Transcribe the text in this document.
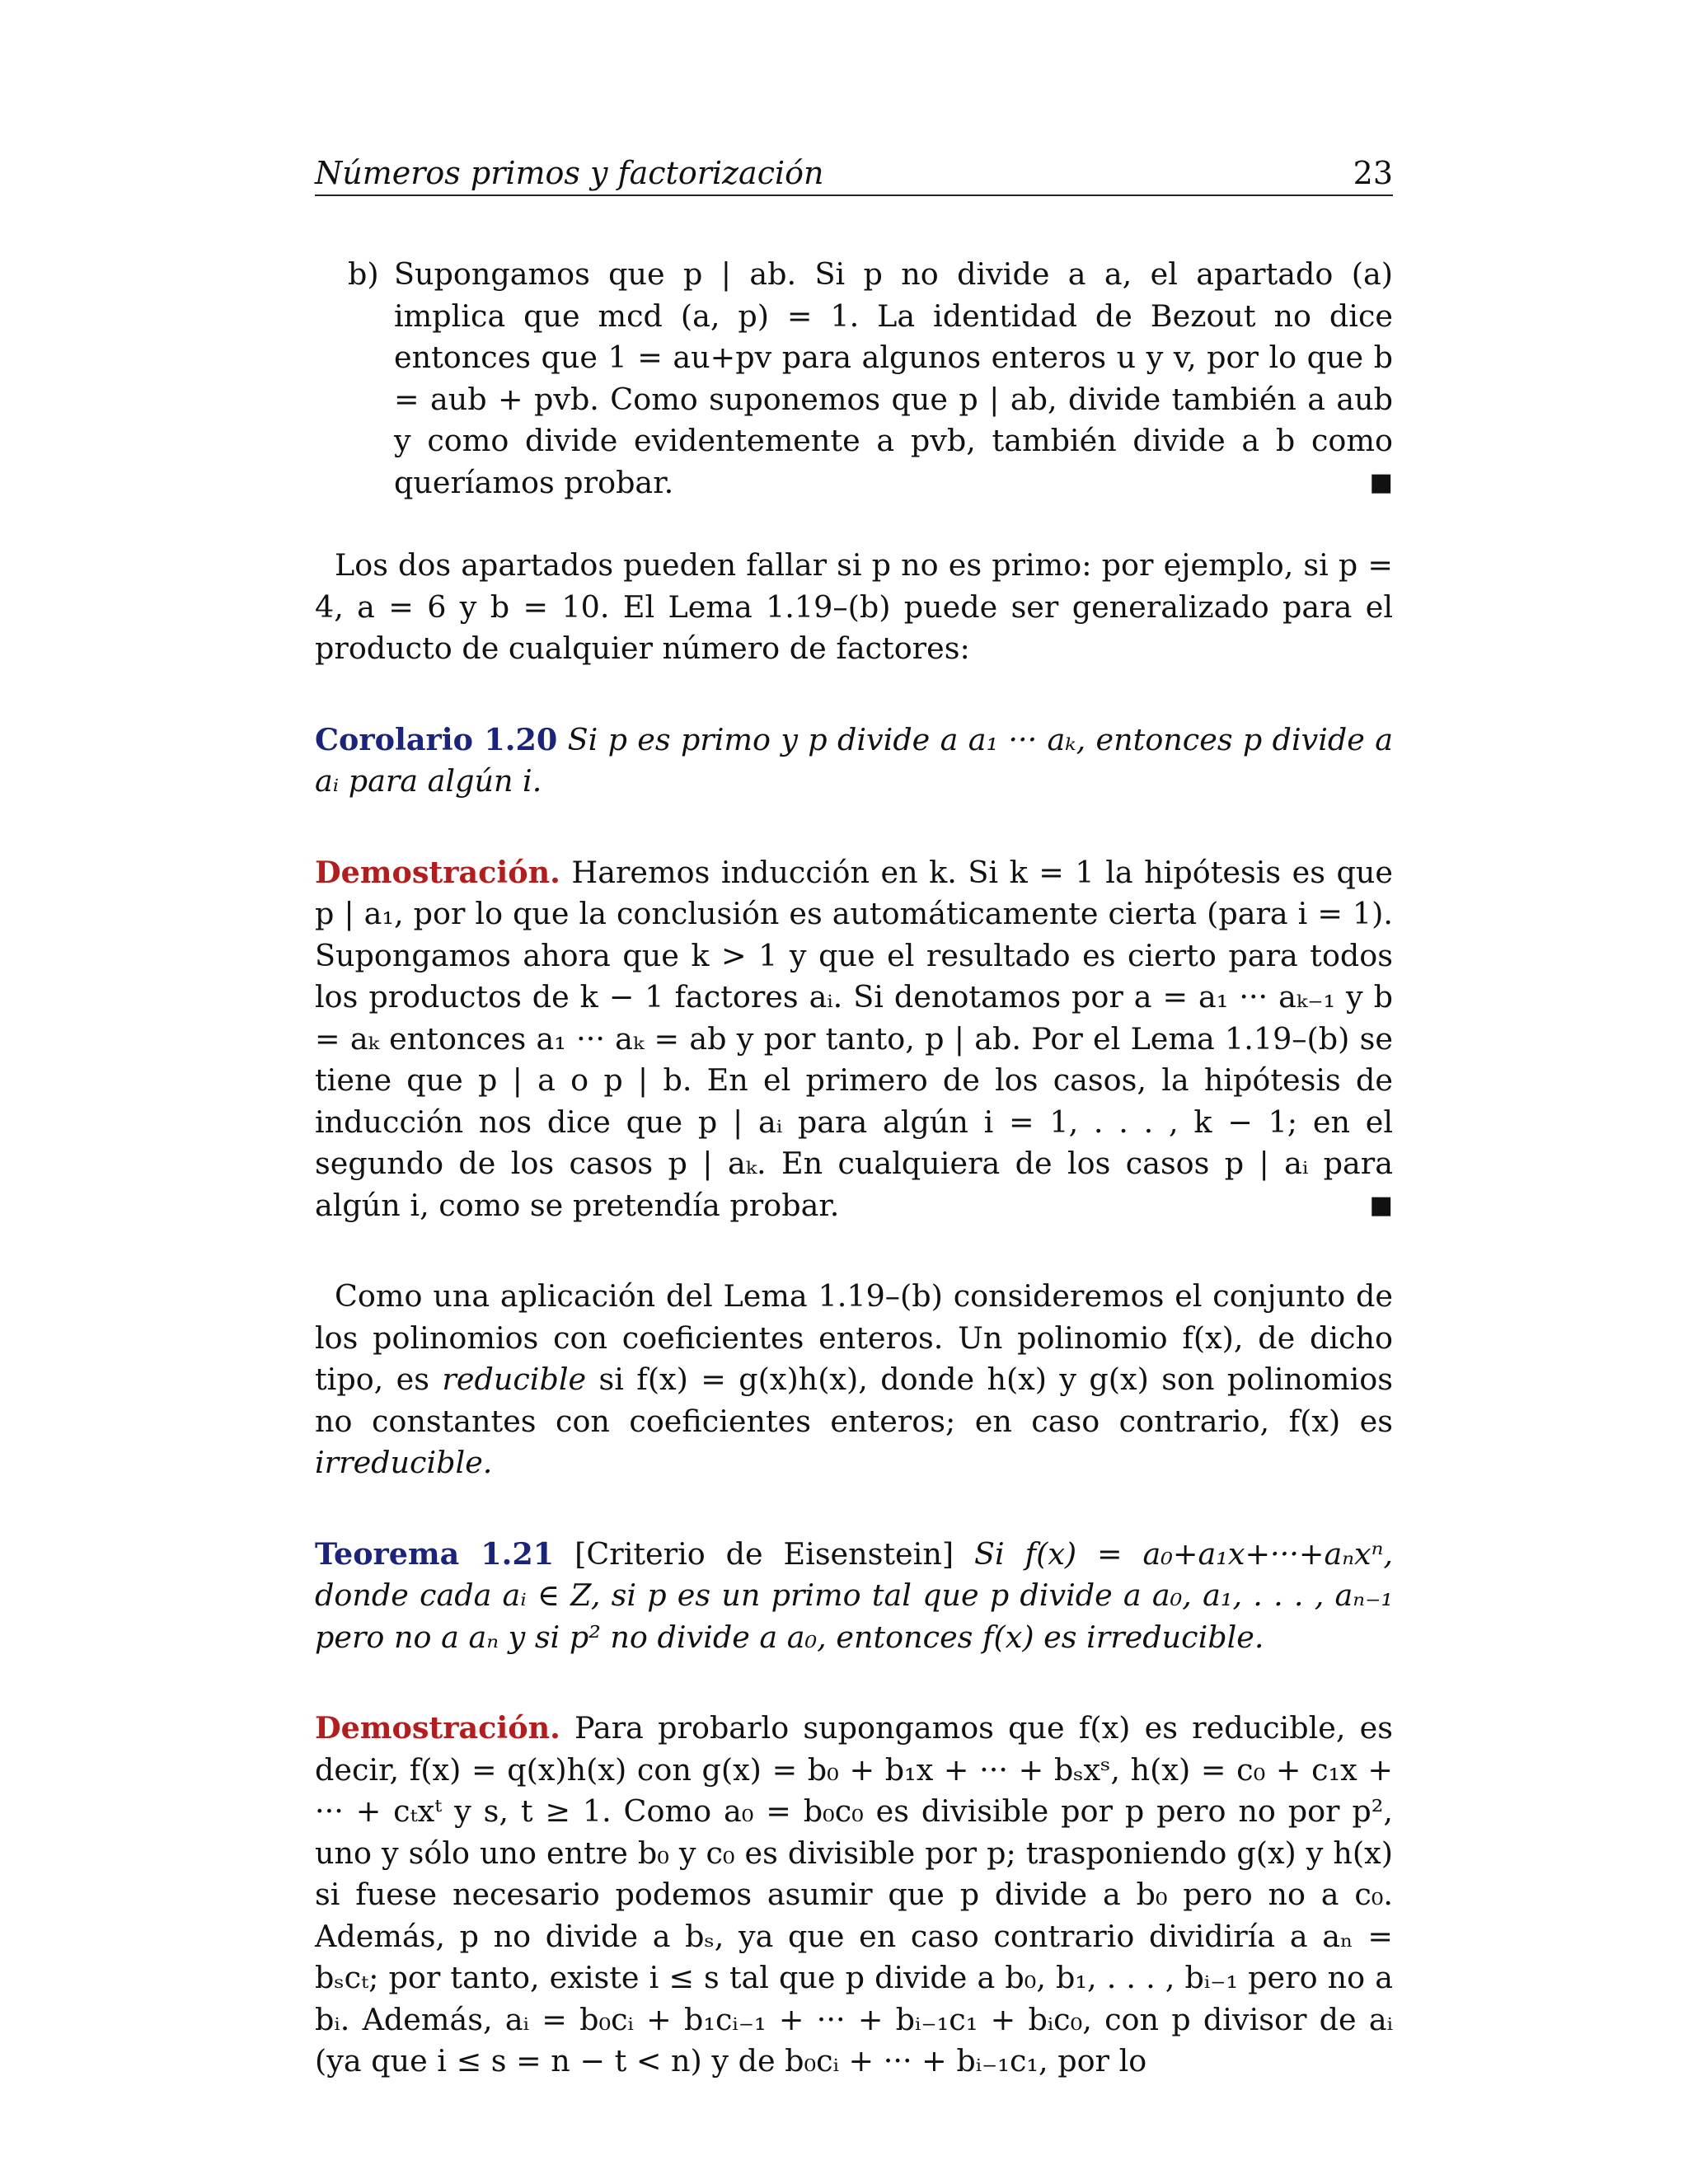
Números primos y factorización	23
b) Supongamos que p | ab. Si p no divide a a, el apartado (a) implica que mcd (a, p) = 1. La identidad de Bezout no dice entonces que 1 = au+pv para algunos enteros u y v, por lo que b = aub + pvb. Como suponemos que p | ab, divide también a aub y como divide evidentemente a pvb, también divide a b como queríamos probar.	■

Los dos apartados pueden fallar si p no es primo: por ejemplo, si p = 4, a = 6 y b = 10. El Lema 1.19–(b) puede ser generalizado para el producto de cualquier número de factores:

Corolario 1.20 Si p es primo y p divide a a₁ ··· aₖ, entonces p divide a aᵢ para algún i.

Demostración. Haremos inducción en k. Si k = 1 la hipótesis es que p | a₁, por lo que la conclusión es automáticamente cierta (para i = 1). Supongamos ahora que k > 1 y que el resultado es cierto para todos los productos de k − 1 factores aᵢ. Si denotamos por a = a₁ ··· aₖ₋₁ y b = aₖ entonces a₁ ··· aₖ = ab y por tanto, p | ab. Por el Lema 1.19–(b) se tiene que p | a o p | b. En el primero de los casos, la hipótesis de inducción nos dice que p | aᵢ para algún i = 1, . . . , k − 1; en el segundo de los casos p | aₖ. En cualquiera de los casos p | aᵢ para algún i, como se pretendía probar.	■

Como una aplicación del Lema 1.19–(b) consideremos el conjunto de los polinomios con coeficientes enteros. Un polinomio f(x), de dicho tipo, es reducible si f(x) = g(x)h(x), donde h(x) y g(x) son polinomios no constantes con coeficientes enteros; en caso contrario, f(x) es irreducible.

Teorema 1.21 [Criterio de Eisenstein] Si f(x) = a₀+a₁x+···+aₙxⁿ, donde cada aᵢ ∈ Z, si p es un primo tal que p divide a a₀, a₁, . . . , aₙ₋₁ pero no a aₙ y si p² no divide a a₀, entonces f(x) es irreducible.

Demostración. Para probarlo supongamos que f(x) es reducible, es decir, f(x) = q(x)h(x) con g(x) = b₀ + b₁x + ··· + bₛxˢ, h(x) = c₀ + c₁x + ··· + cₜxᵗ y s, t ≥ 1. Como a₀ = b₀c₀ es divisible por p pero no por p², uno y sólo uno entre b₀ y c₀ es divisible por p; trasponiendo g(x) y h(x) si fuese necesario podemos asumir que p divide a b₀ pero no a c₀. Además, p no divide a bₛ, ya que en caso contrario dividiría a aₙ = bₛcₜ; por tanto, existe i ≤ s tal que p divide a b₀, b₁, . . . , bᵢ₋₁ pero no a bᵢ. Además, aᵢ = b₀cᵢ + b₁cᵢ₋₁ + ··· + bᵢ₋₁c₁ + bᵢc₀, con p divisor de aᵢ (ya que i ≤ s = n − t < n) y de b₀cᵢ + ··· + bᵢ₋₁c₁, por lo
